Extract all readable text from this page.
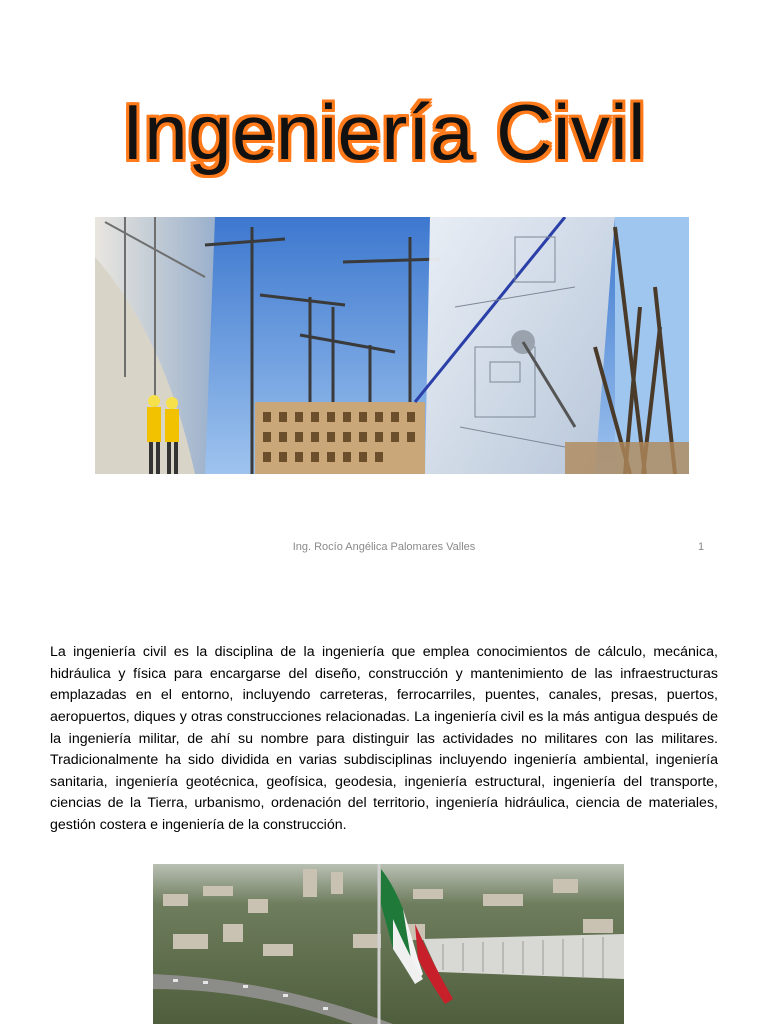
Ingeniería Civil
Ing. Rocío Angélica Palomares Valles	1

La ingeniería civil es la disciplina de la ingeniería que emplea conocimientos de cálculo, mecánica, hidráulica y física para encargarse del diseño, construcción y mantenimiento de las infraestructuras emplazadas en el entorno, incluyendo carreteras, ferrocarriles, puentes, canales, presas, puertos, aeropuertos, diques y otras construcciones relacionadas. La ingeniería civil es la más antigua después de la ingeniería militar, de ahí su nombre para distinguir las actividades no militares con las militares. Tradicionalmente ha sido dividida en varias subdisciplinas incluyendo ingeniería ambiental, ingeniería sanitaria, ingeniería geotécnica, geofísica, geodesia, ingeniería estructural, ingeniería del transporte, ciencias de la Tierra, urbanismo, ordenación del territorio, ingeniería hidráulica, ciencia de materiales, gestión costera e ingeniería de la construcción.
